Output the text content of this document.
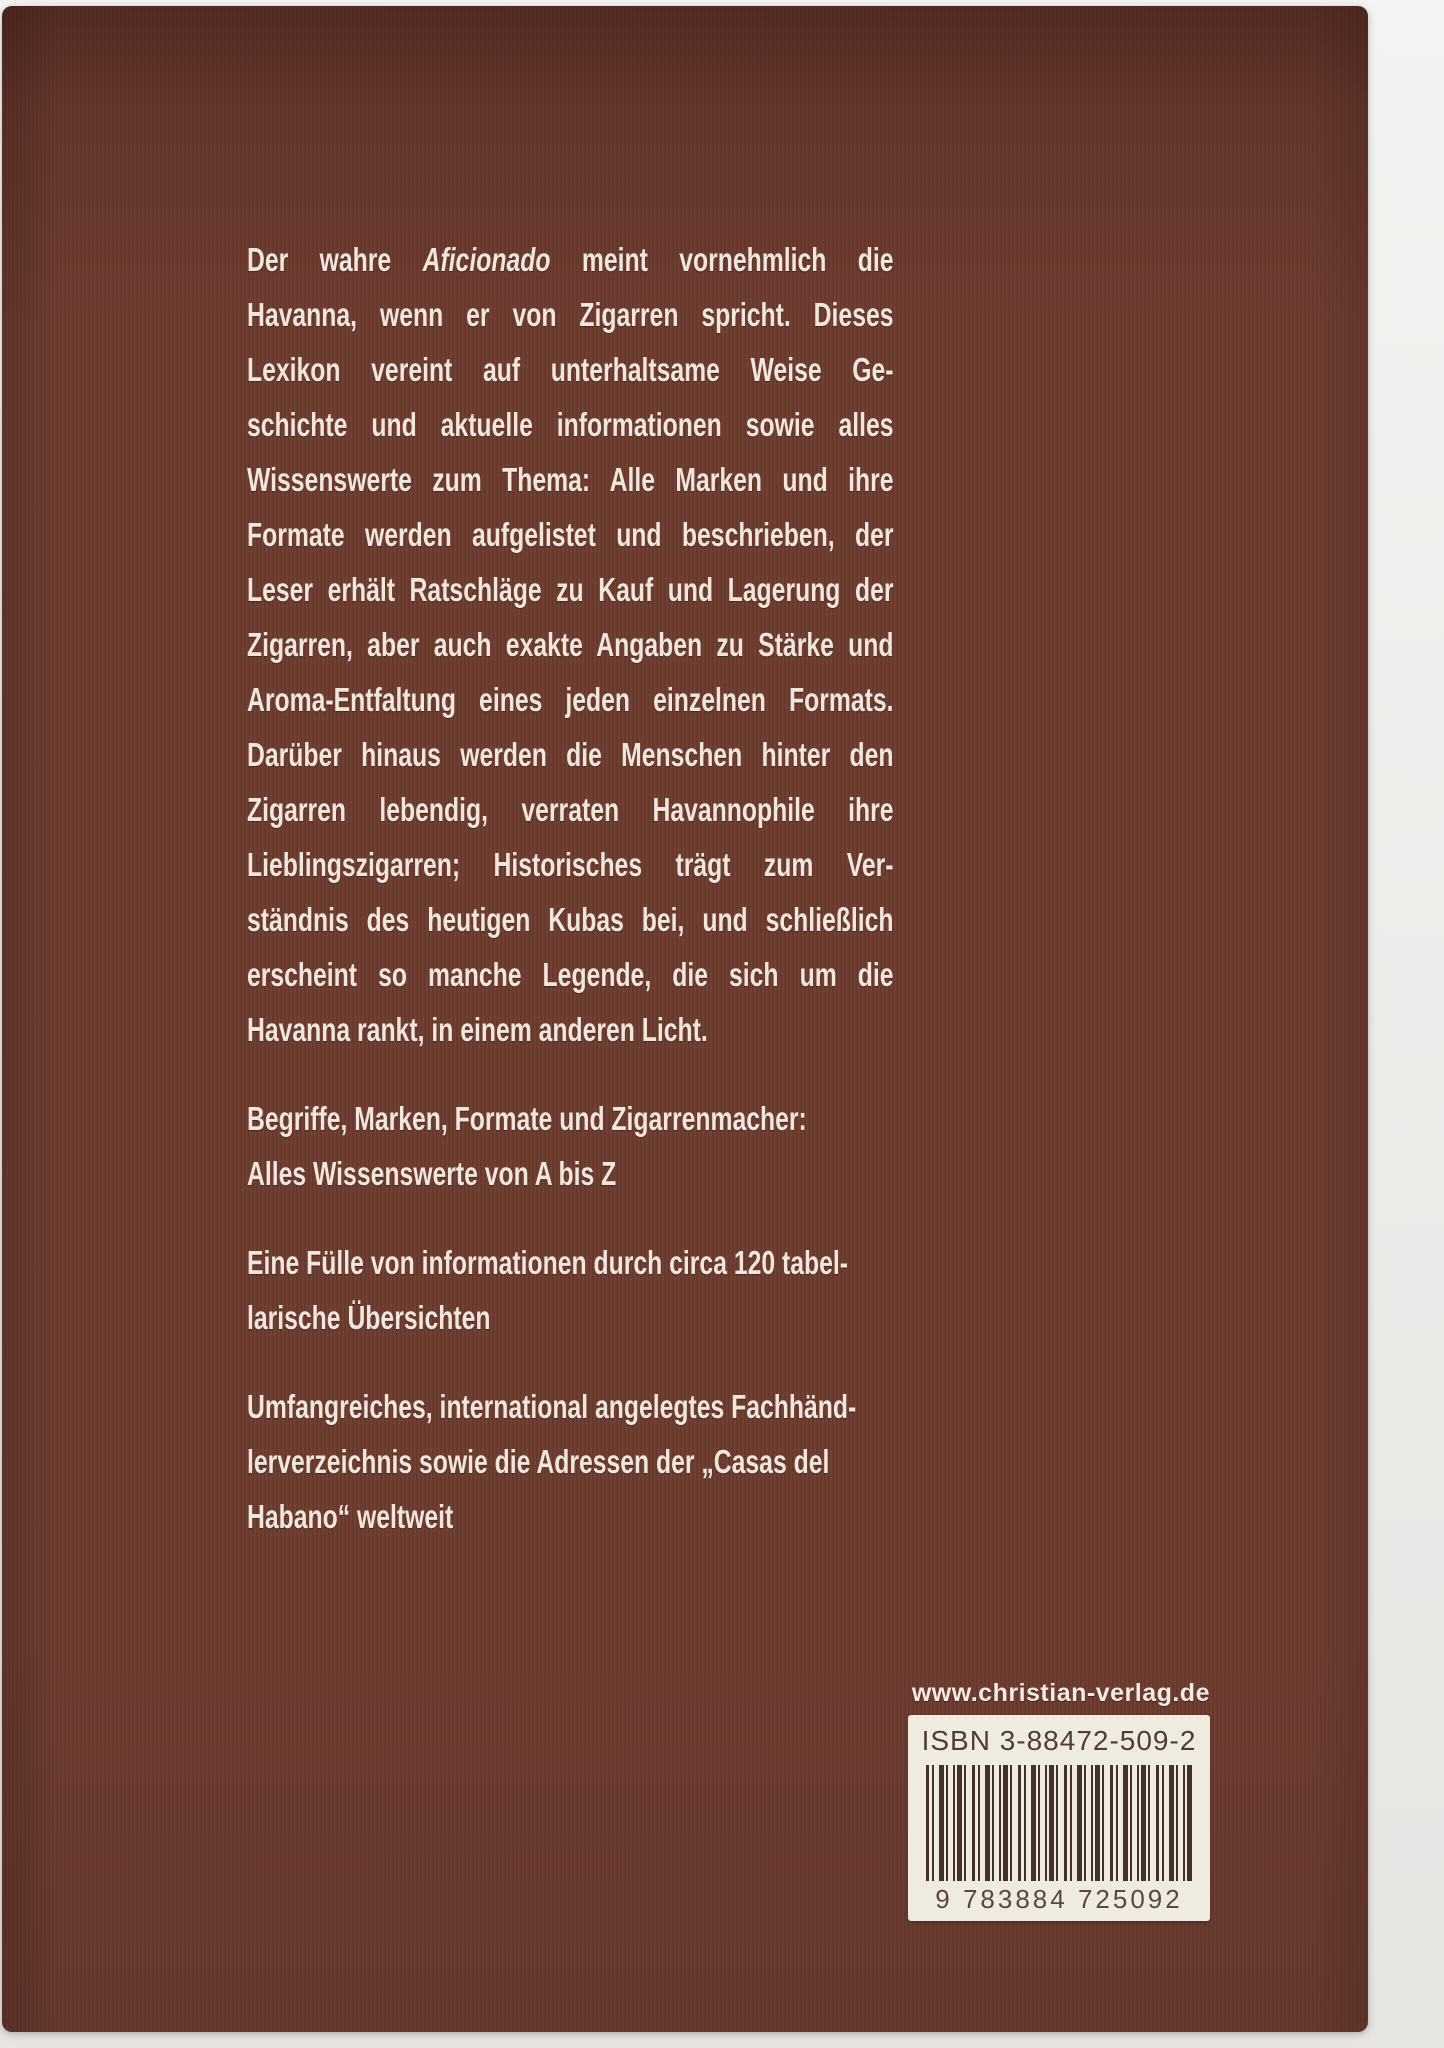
Der wahre Aficionado meint vornehmlich die
Havanna, wenn er von Zigarren spricht. Dieses
Lexikon vereint auf unterhaltsame Weise Ge-
schichte und aktuelle informationen sowie alles
Wissenswerte zum Thema: Alle Marken und ihre
Formate werden aufgelistet und beschrieben, der
Leser erhält Ratschläge zu Kauf und Lagerung der
Zigarren, aber auch exakte Angaben zu Stärke und
Aroma-Entfaltung eines jeden einzelnen Formats.
Darüber hinaus werden die Menschen hinter den
Zigarren lebendig, verraten Havannophile ihre
Lieblingszigarren; Historisches trägt zum Ver-
ständnis des heutigen Kubas bei, und schließlich
erscheint so manche Legende, die sich um die
Havanna rankt, in einem anderen Licht.
Begriffe, Marken, Formate und Zigarrenmacher:
Alles Wissenswerte von A bis Z
Eine Fülle von informationen durch circa 120 tabel-
larische Übersichten
Umfangreiches, international angelegtes Fachhänd-
lerverzeichnis sowie die Adressen der „Casas del
Habano“ weltweit
www.christian-verlag.de
ISBN 3-88472-509-2
9 783884 725092
